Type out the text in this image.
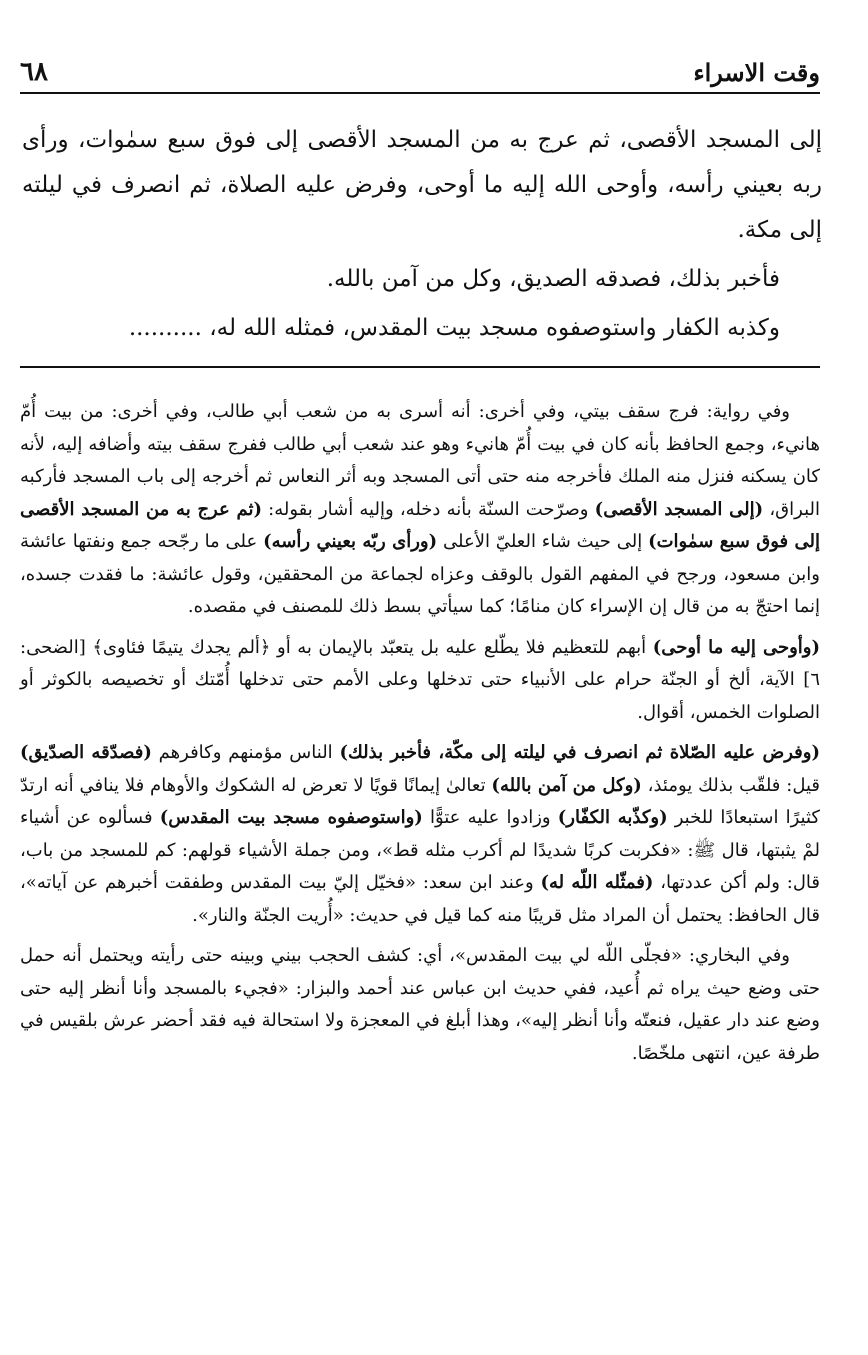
وقت الاسراء
٦٨

إلى المسجد الأقصى، ثم عرج به من المسجد الأقصى إلى فوق سبع سمٰوات، ورأى ربه بعيني رأسه، وأوحى الله إليه ما أوحى، وفرض عليه الصلاة، ثم انصرف في ليلته إلى مكة.

فأخبر بذلك، فصدقه الصديق، وكل من آمن بالله.

وكذبه الكفار واستوصفوه مسجد بيت المقدس، فمثله الله له، ..........

وفي رواية: فرج سقف بيتي، وفي أخرى: أنه أسرى به من شعب أبي طالب، وفي أخرى: من بيت أُمّ هانيء، وجمع الحافظ بأنه كان في بيت أُمّ هانيء وهو عند شعب أبي طالب ففرج سقف بيته وأضافه إليه، لأنه كان يسكنه فنزل منه الملك فأخرجه منه حتى أتى المسجد وبه أثر النعاس ثم أخرجه إلى باب المسجد فأركبه البراق، (إلى المسجد الأقصى) وصرّحت السنّة بأنه دخله، وإليه أشار بقوله: (ثم عرج به من المسجد الأقصى إلى فوق سبع سمٰوات) إلى حيث شاء العليّ الأعلى (ورأى ربّه بعيني رأسه) على ما رجّحه جمع ونفتها عائشة وابن مسعود، ورجح في المفهم القول بالوقف وعزاه لجماعة من المحققين، وقول عائشة: ما فقدت جسده، إنما احتجّ به من قال إن الإسراء كان منامًا؛ كما سيأتي بسط ذلك للمصنف في مقصده.

(وأوحى إليه ما أوحى) أبهم للتعظيم فلا يطّلع عليه بل يتعبّد بالإيمان به أو ﴿ألم يجدك يتيمًا فئاوى﴾ [الضحى: ٦] الآية، ألخ أو الجنّة حرام على الأنبياء حتى تدخلها وعلى الأمم حتى تدخلها أُمّتك أو تخصيصه بالكوثر أو الصلوات الخمس، أقوال.

(وفرض عليه الصّلاة ثم انصرف في ليلته إلى مكّة، فأخبر بذلك) الناس مؤمنهم وكافرهم (فصدّقه الصدّيق) قيل: فلقّب بذلك يومئذ، (وكل من آمن بالله) تعالىٰ إيمانًا قويًا لا تعرض له الشكوك والأوهام فلا ينافي أنه ارتدّ كثيرًا استبعادًا للخبر (وكذّبه الكفّار) وزادوا عليه عتوًّا (واستوصفوه مسجد بيت المقدس) فسألوه عن أشياء لمْ يثبتها، قال ﷺ: «فكربت كربًا شديدًا لم أكرب مثله قط»، ومن جملة الأشياء قولهم: كم للمسجد من باب، قال: ولم أكن عددتها، (فمثّله اللّه له) وعند ابن سعد: «فخيّل إليّ بيت المقدس وطفقت أخبرهم عن آياته»، قال الحافظ: يحتمل أن المراد مثل قريبًا منه كما قيل في حديث: «أُريت الجنّة والنار».

وفي البخاري: «فجلّى اللّه لي بيت المقدس»، أي: كشف الحجب بيني وبينه حتى رأيته ويحتمل أنه حمل حتى وضع حيث يراه ثم أُعيد، ففي حديث ابن عباس عند أحمد والبزار: «فجيء بالمسجد وأنا أنظر إليه حتى وضع عند دار عقيل، فنعتّه وأنا أنظر إليه»، وهذا أبلغ في المعجزة ولا استحالة فيه فقد أحضر عرش بلقيس في طرفة عين، انتهى ملخّصًا.
